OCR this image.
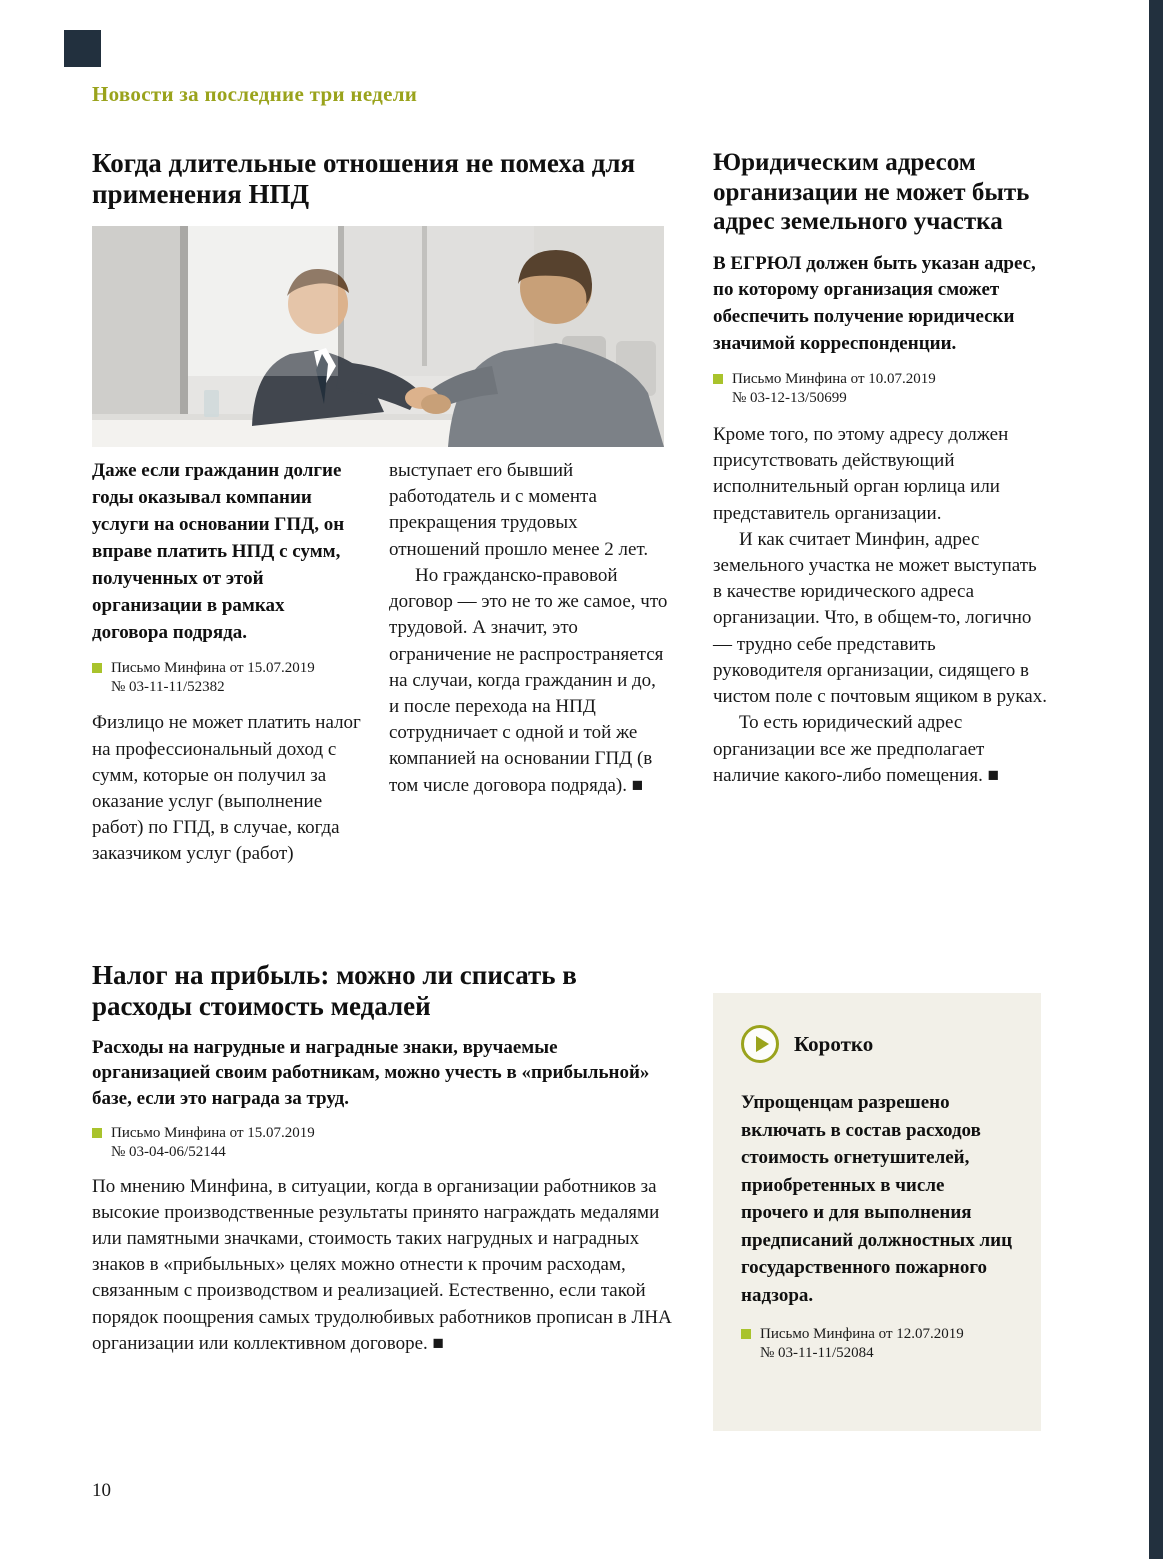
Новости за последние три недели
Когда длительные отношения не помеха для применения НПД

Даже если гражданин долгие годы оказывал компании услуги на основании ГПД, он вправе платить НПД с сумм, полученных от этой организации в рамках договора подряда.

Письмо Минфина от 15.07.2019
№ 03-11-11/52382

Физлицо не может платить налог на профессиональный доход с сумм, которые он получил за оказание услуг (выполнение работ) по ГПД, в случае, когда заказчиком услуг (работ)

выступает его бывший работодатель и с момента прекращения трудовых отношений прошло менее 2 лет.

Но гражданско-правовой договор — это не то же самое, что трудовой. А значит, это ограничение не распространяется на случаи, когда гражданин и до, и после перехода на НПД сотрудничает с одной и той же компанией на основании ГПД (в том числе договора подряда). ■

Юридическим адресом организации не может быть адрес земельного участка

В ЕГРЮЛ должен быть указан адрес, по которому организация сможет обеспечить получение юридически значимой корреспонденции.

Письмо Минфина от 10.07.2019
№ 03-12-13/50699

Кроме того, по этому адресу должен присутствовать действующий исполнительный орган юрлица или представитель организации.

И как считает Минфин, адрес земельного участка не может выступать в качестве юридического адреса организации. Что, в общем-то, логично — трудно себе представить руководителя организации, сидящего в чистом поле с почтовым ящиком в руках.

То есть юридический адрес организации все же предполагает наличие какого-либо помещения. ■

Налог на прибыль: можно ли списать в расходы стоимость медалей

Расходы на нагрудные и наградные знаки, вручаемые организацией своим работникам, можно учесть в «прибыльной» базе, если это награда за труд.

Письмо Минфина от 15.07.2019
№ 03-04-06/52144

По мнению Минфина, в ситуации, когда в организации работников за высокие производственные результаты принято награждать медалями или памятными значками, стоимость таких нагрудных и наградных знаков в «прибыльных» целях можно отнести к прочим расходам, связанным с производством и реализацией. Естественно, если такой порядок поощрения самых трудолюбивых работников прописан в ЛНА организации или коллективном договоре. ■

Коротко

Упрощенцам разрешено включать в состав расходов стоимость огнетушителей, приобретенных в числе прочего и для выполнения предписаний должностных лиц государственного пожарного надзора.

Письмо Минфина от 12.07.2019
№ 03-11-11/52084
10
